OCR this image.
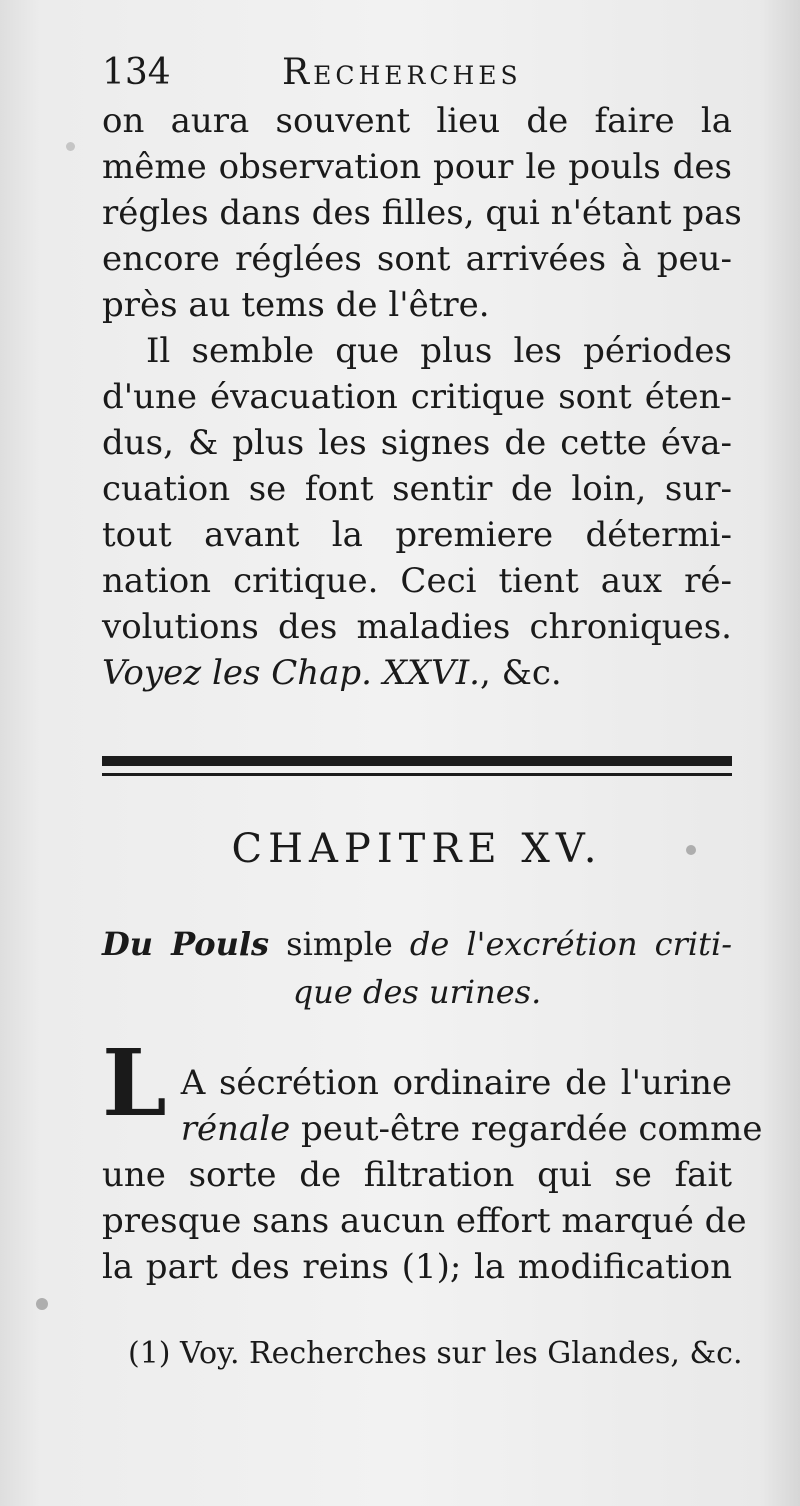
134	Recherches
on aura souvent lieu de faire la
même observation pour le pouls des
régles dans des filles, qui n'étant pas
encore réglées sont arrivées à peu-
près au tems de l'être.
Il semble que plus les périodes
d'une évacuation critique sont éten-
dus, & plus les signes de cette éva-
cuation se font sentir de loin, sur-
tout avant la premiere détermi-
nation critique. Ceci tient aux ré-
volutions des maladies chroniques.
Voyez les Chap. XXVI., &c.
CHAPITRE XV.
Du Pouls simple de l'excrétion criti-
que des urines.
L A sécrétion ordinaire de l'urine
rénale peut-être regardée comme
une sorte de filtration qui se fait
presque sans aucun effort marqué de
la part des reins (1); la modification
(1) Voy. Recherches sur les Glandes, &c.
